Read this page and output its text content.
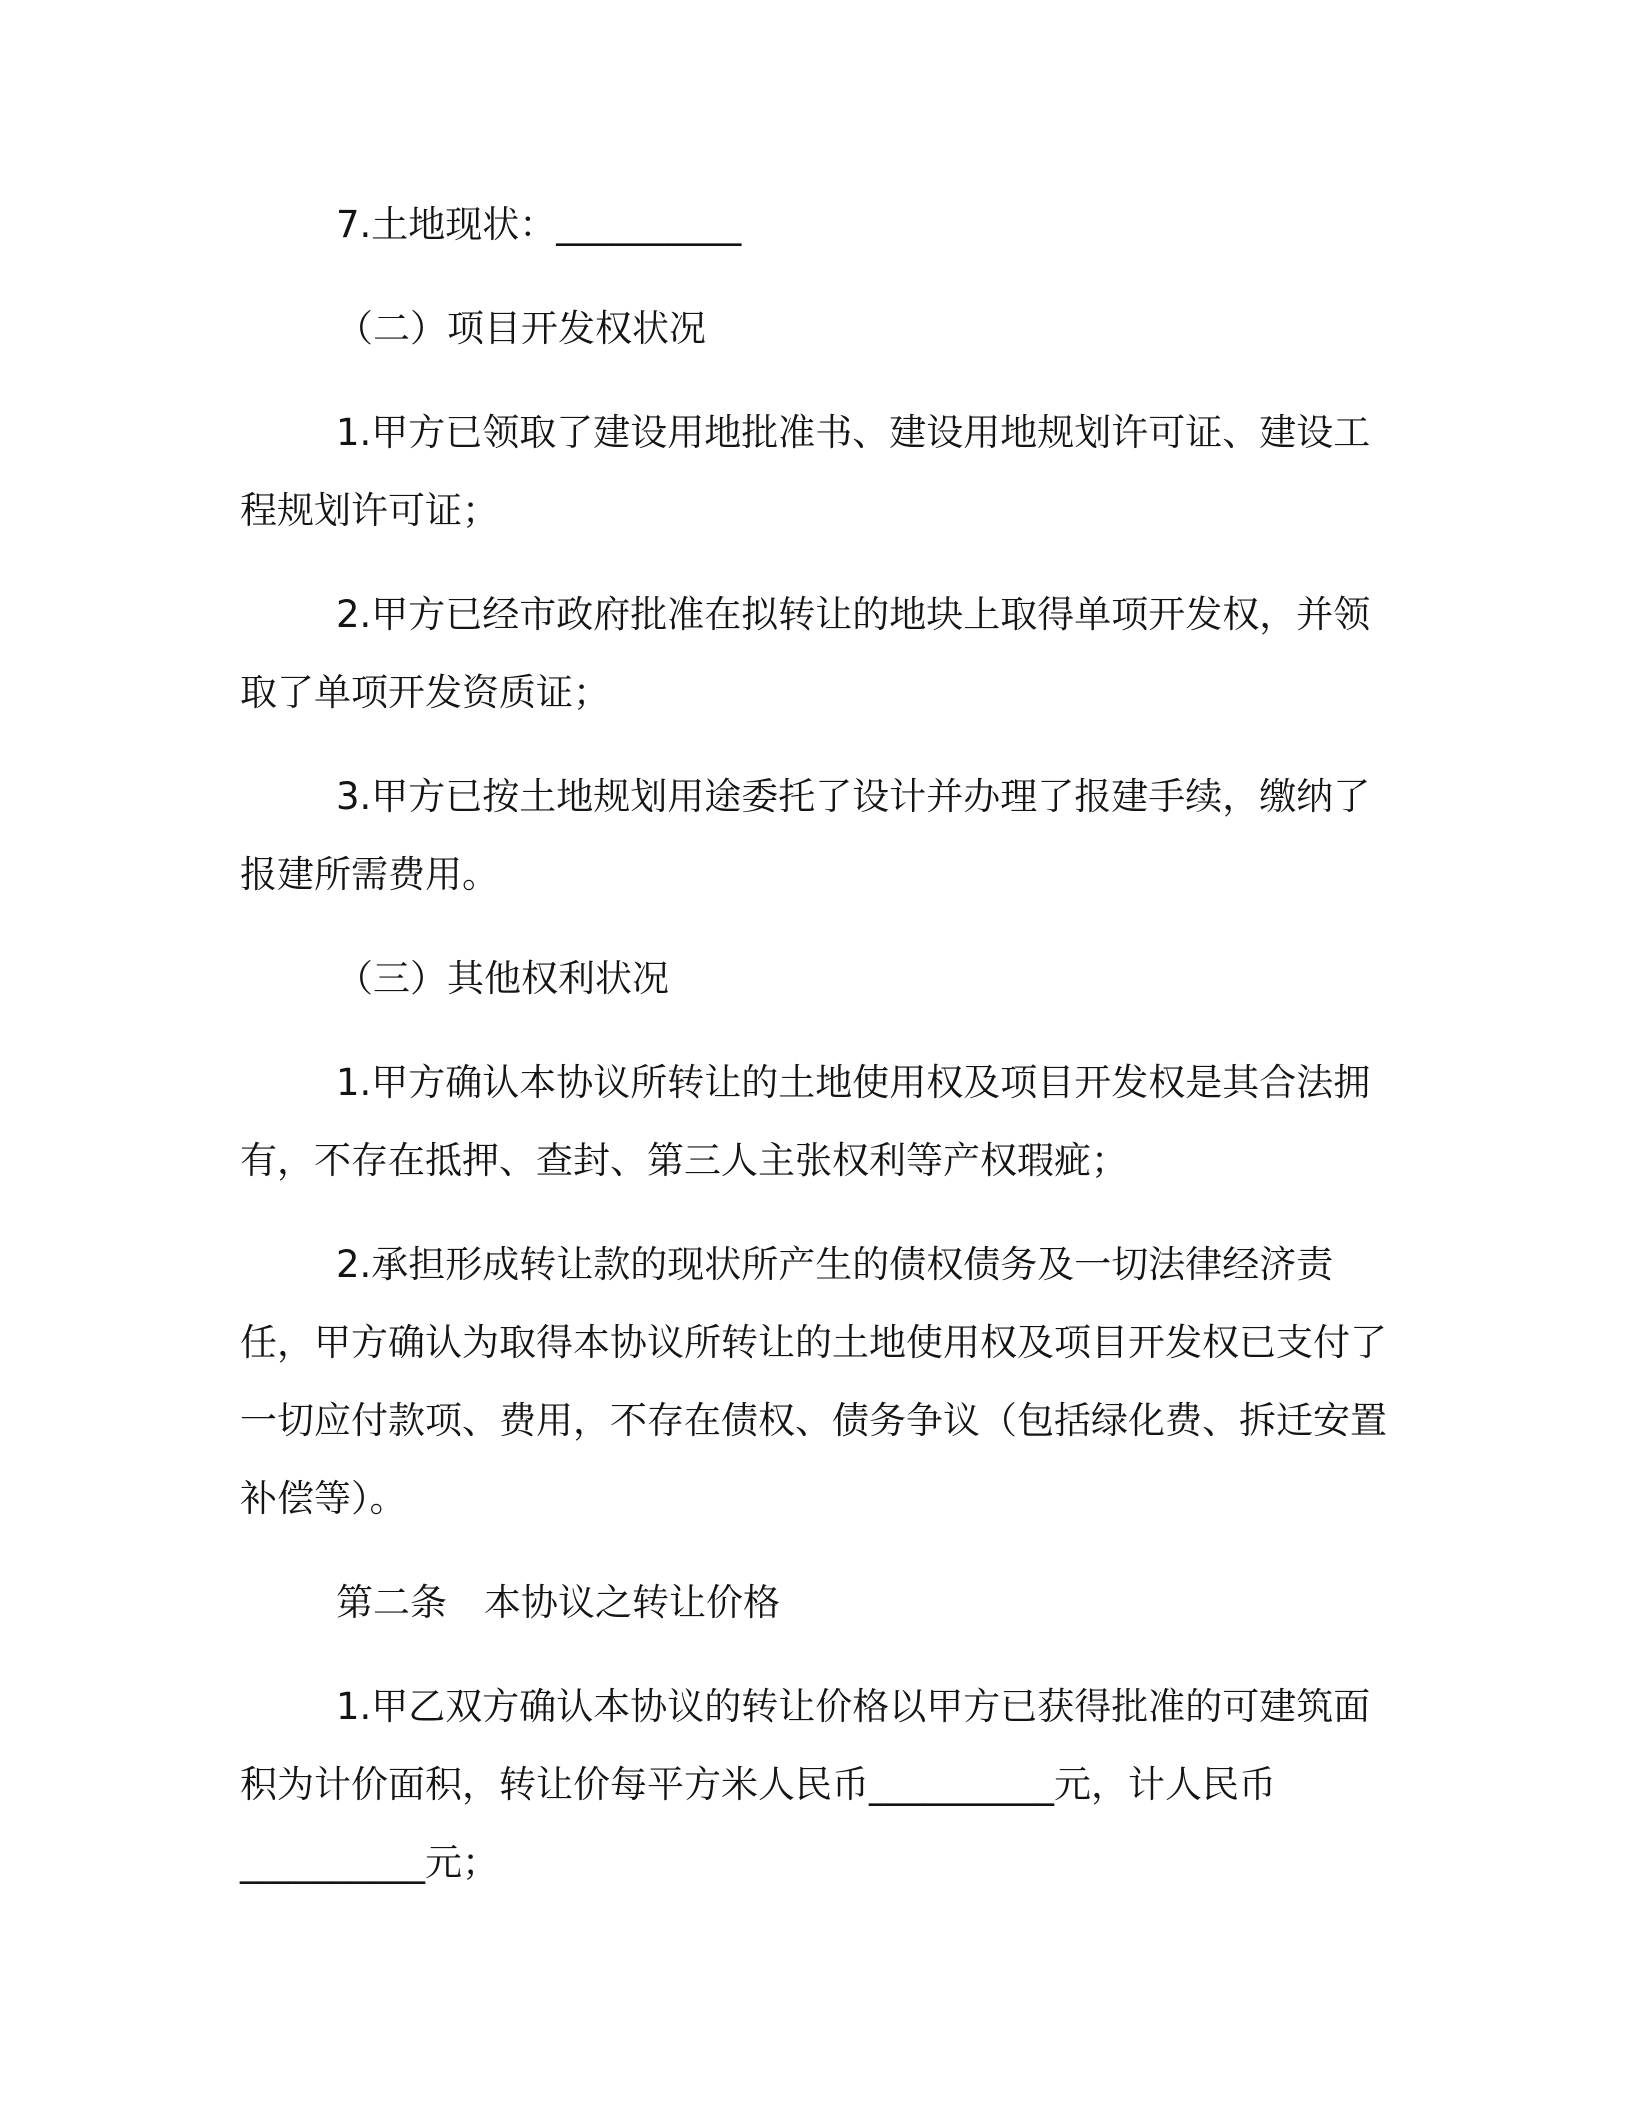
7.土地现状：__________

（二）项目开发权状况

1.甲方已领取了建设用地批准书、建设用地规划许可证、建设工程规划许可证；

2.甲方已经市政府批准在拟转让的地块上取得单项开发权，并领取了单项开发资质证；

3.甲方已按土地规划用途委托了设计并办理了报建手续，缴纳了报建所需费用。

（三）其他权利状况

1.甲方确认本协议所转让的土地使用权及项目开发权是其合法拥有，不存在抵押、查封、第三人主张权利等产权瑕疵；

2.承担形成转让款的现状所产生的债权债务及一切法律经济责任，甲方确认为取得本协议所转让的土地使用权及项目开发权已支付了一切应付款项、费用，不存在债权、债务争议（包括绿化费、拆迁安置补偿等）。

第二条　本协议之转让价格

1.甲乙双方确认本协议的转让价格以甲方已获得批准的可建筑面积为计价面积，转让价每平方米人民币__________元，计人民币__________元；
